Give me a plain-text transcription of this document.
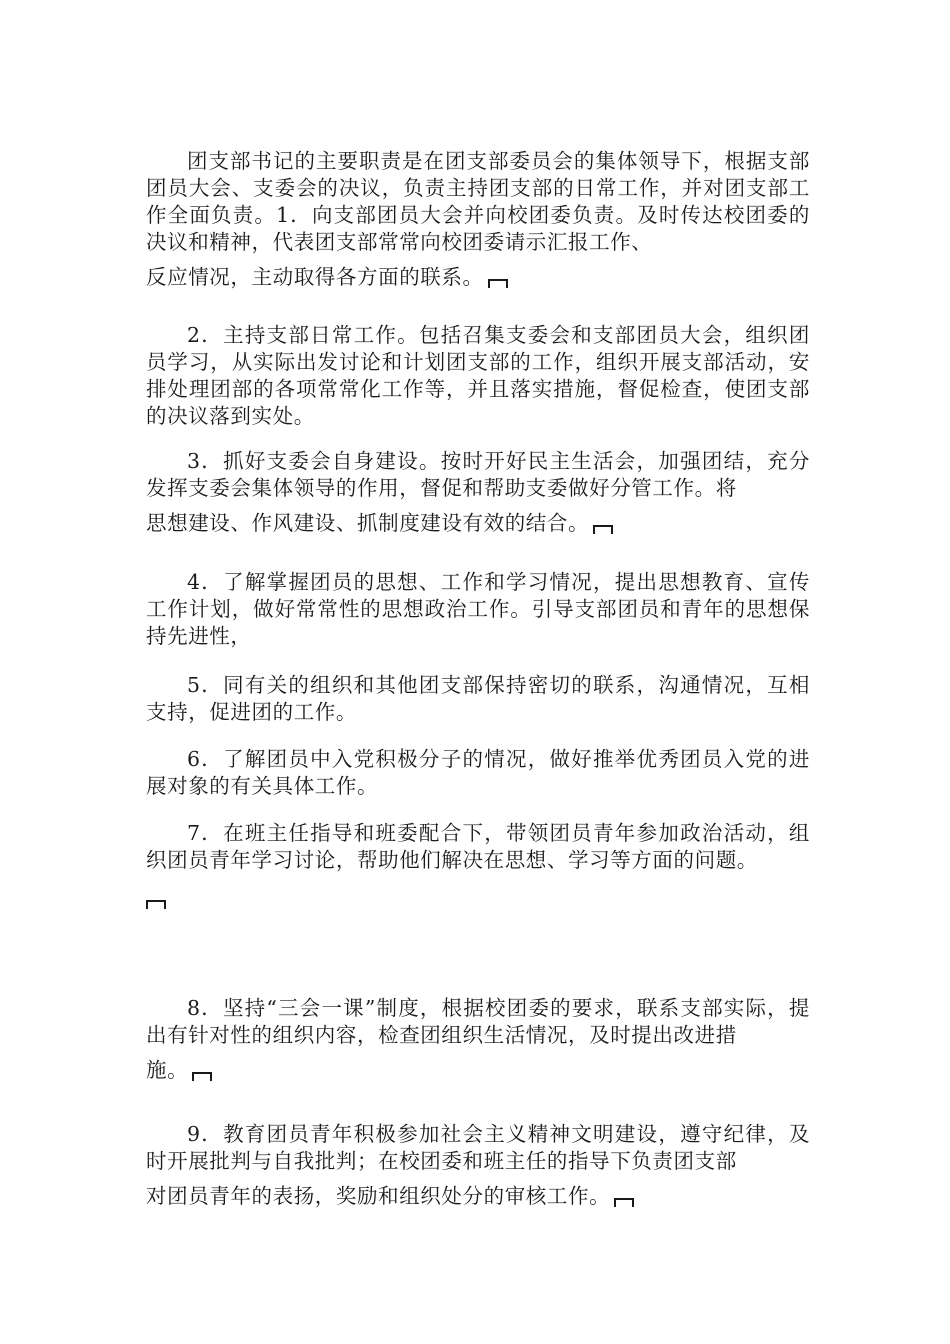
团支部书记的主要职责是在团支部委员会的集体领导下，根据支部团员大会、支委会的决议，负责主持团支部的日常工作，并对团支部工作全面负责。1．向支部团员大会并向校团委负责。及时传达校团委的决议和精神，代表团支部常常向校团委请示汇报工作、
反应情况，主动取得各方面的联系。

2．主持支部日常工作。包括召集支委会和支部团员大会，组织团员学习，从实际出发讨论和计划团支部的工作，组织开展支部活动，安排处理团部的各项常常化工作等，并且落实措施，督促检查，使团支部的决议落到实处。

3．抓好支委会自身建设。按时开好民主生活会，加强团结，充分发挥支委会集体领导的作用，督促和帮助支委做好分管工作。将
思想建设、作风建设、抓制度建设有效的结合。

4．了解掌握团员的思想、工作和学习情况，提出思想教育、宣传工作计划，做好常常性的思想政治工作。引导支部团员和青年的思想保持先进性，

5．同有关的组织和其他团支部保持密切的联系，沟通情况，互相支持，促进团的工作。

6．了解团员中入党积极分子的情况，做好推举优秀团员入党的进展对象的有关具体工作。

7．在班主任指导和班委配合下，带领团员青年参加政治活动，组织团员青年学习讨论，帮助他们解决在思想、学习等方面的问题。

8．坚持“三会一课”制度，根据校团委的要求，联系支部实际，提出有针对性的组织内容，检查团组织生活情况，及时提出改进措
施。

9．教育团员青年积极参加社会主义精神文明建设，遵守纪律，及时开展批判与自我批判；在校团委和班主任的指导下负责团支部
对团员青年的表扬，奖励和组织处分的审核工作。
